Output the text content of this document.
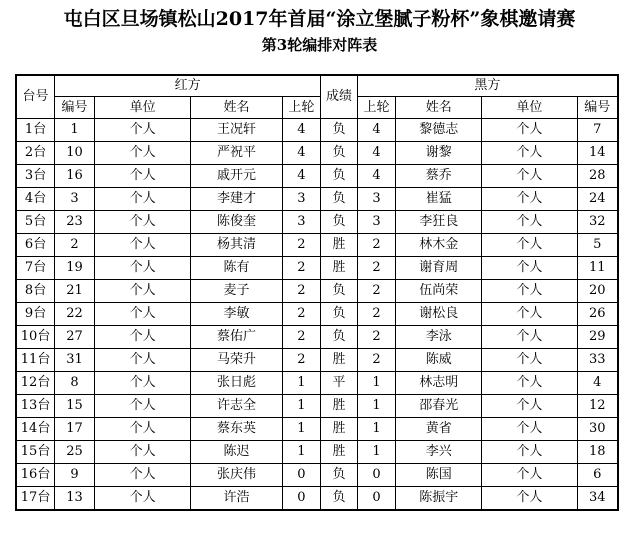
屯白区旦场镇松山2017年首届“涂立堡腻子粉杯”象棋邀请赛
第3轮编排对阵表
台号	红方				成绩	黑方			
	编号	单位	姓名	上轮		上轮	姓名	单位	编号
1台	1	个人	王况轩	4	负	4	黎德志	个人	7
2台	10	个人	严祝平	4	负	4	谢黎	个人	14
3台	16	个人	戚开元	4	负	4	蔡乔	个人	28
4台	3	个人	李建才	3	负	3	崔猛	个人	24
5台	23	个人	陈俊奎	3	负	3	李狂良	个人	32
6台	2	个人	杨其清	2	胜	2	林木金	个人	5
7台	19	个人	陈有	2	胜	2	谢育周	个人	11
8台	21	个人	麦子	2	负	2	伍尚荣	个人	20
9台	22	个人	李敏	2	负	2	谢松良	个人	26
10台	27	个人	蔡佑广	2	负	2	李泳	个人	29
11台	31	个人	马荣升	2	胜	2	陈威	个人	33
12台	8	个人	张日彪	1	平	1	林志明	个人	4
13台	15	个人	许志全	1	胜	1	邵春光	个人	12
14台	17	个人	蔡东英	1	胜	1	黄省	个人	30
15台	25	个人	陈迟	1	胜	1	李兴	个人	18
16台	9	个人	张庆伟	0	负	0	陈国	个人	6
17台	13	个人	许浩	0	负	0	陈振宇	个人	34
